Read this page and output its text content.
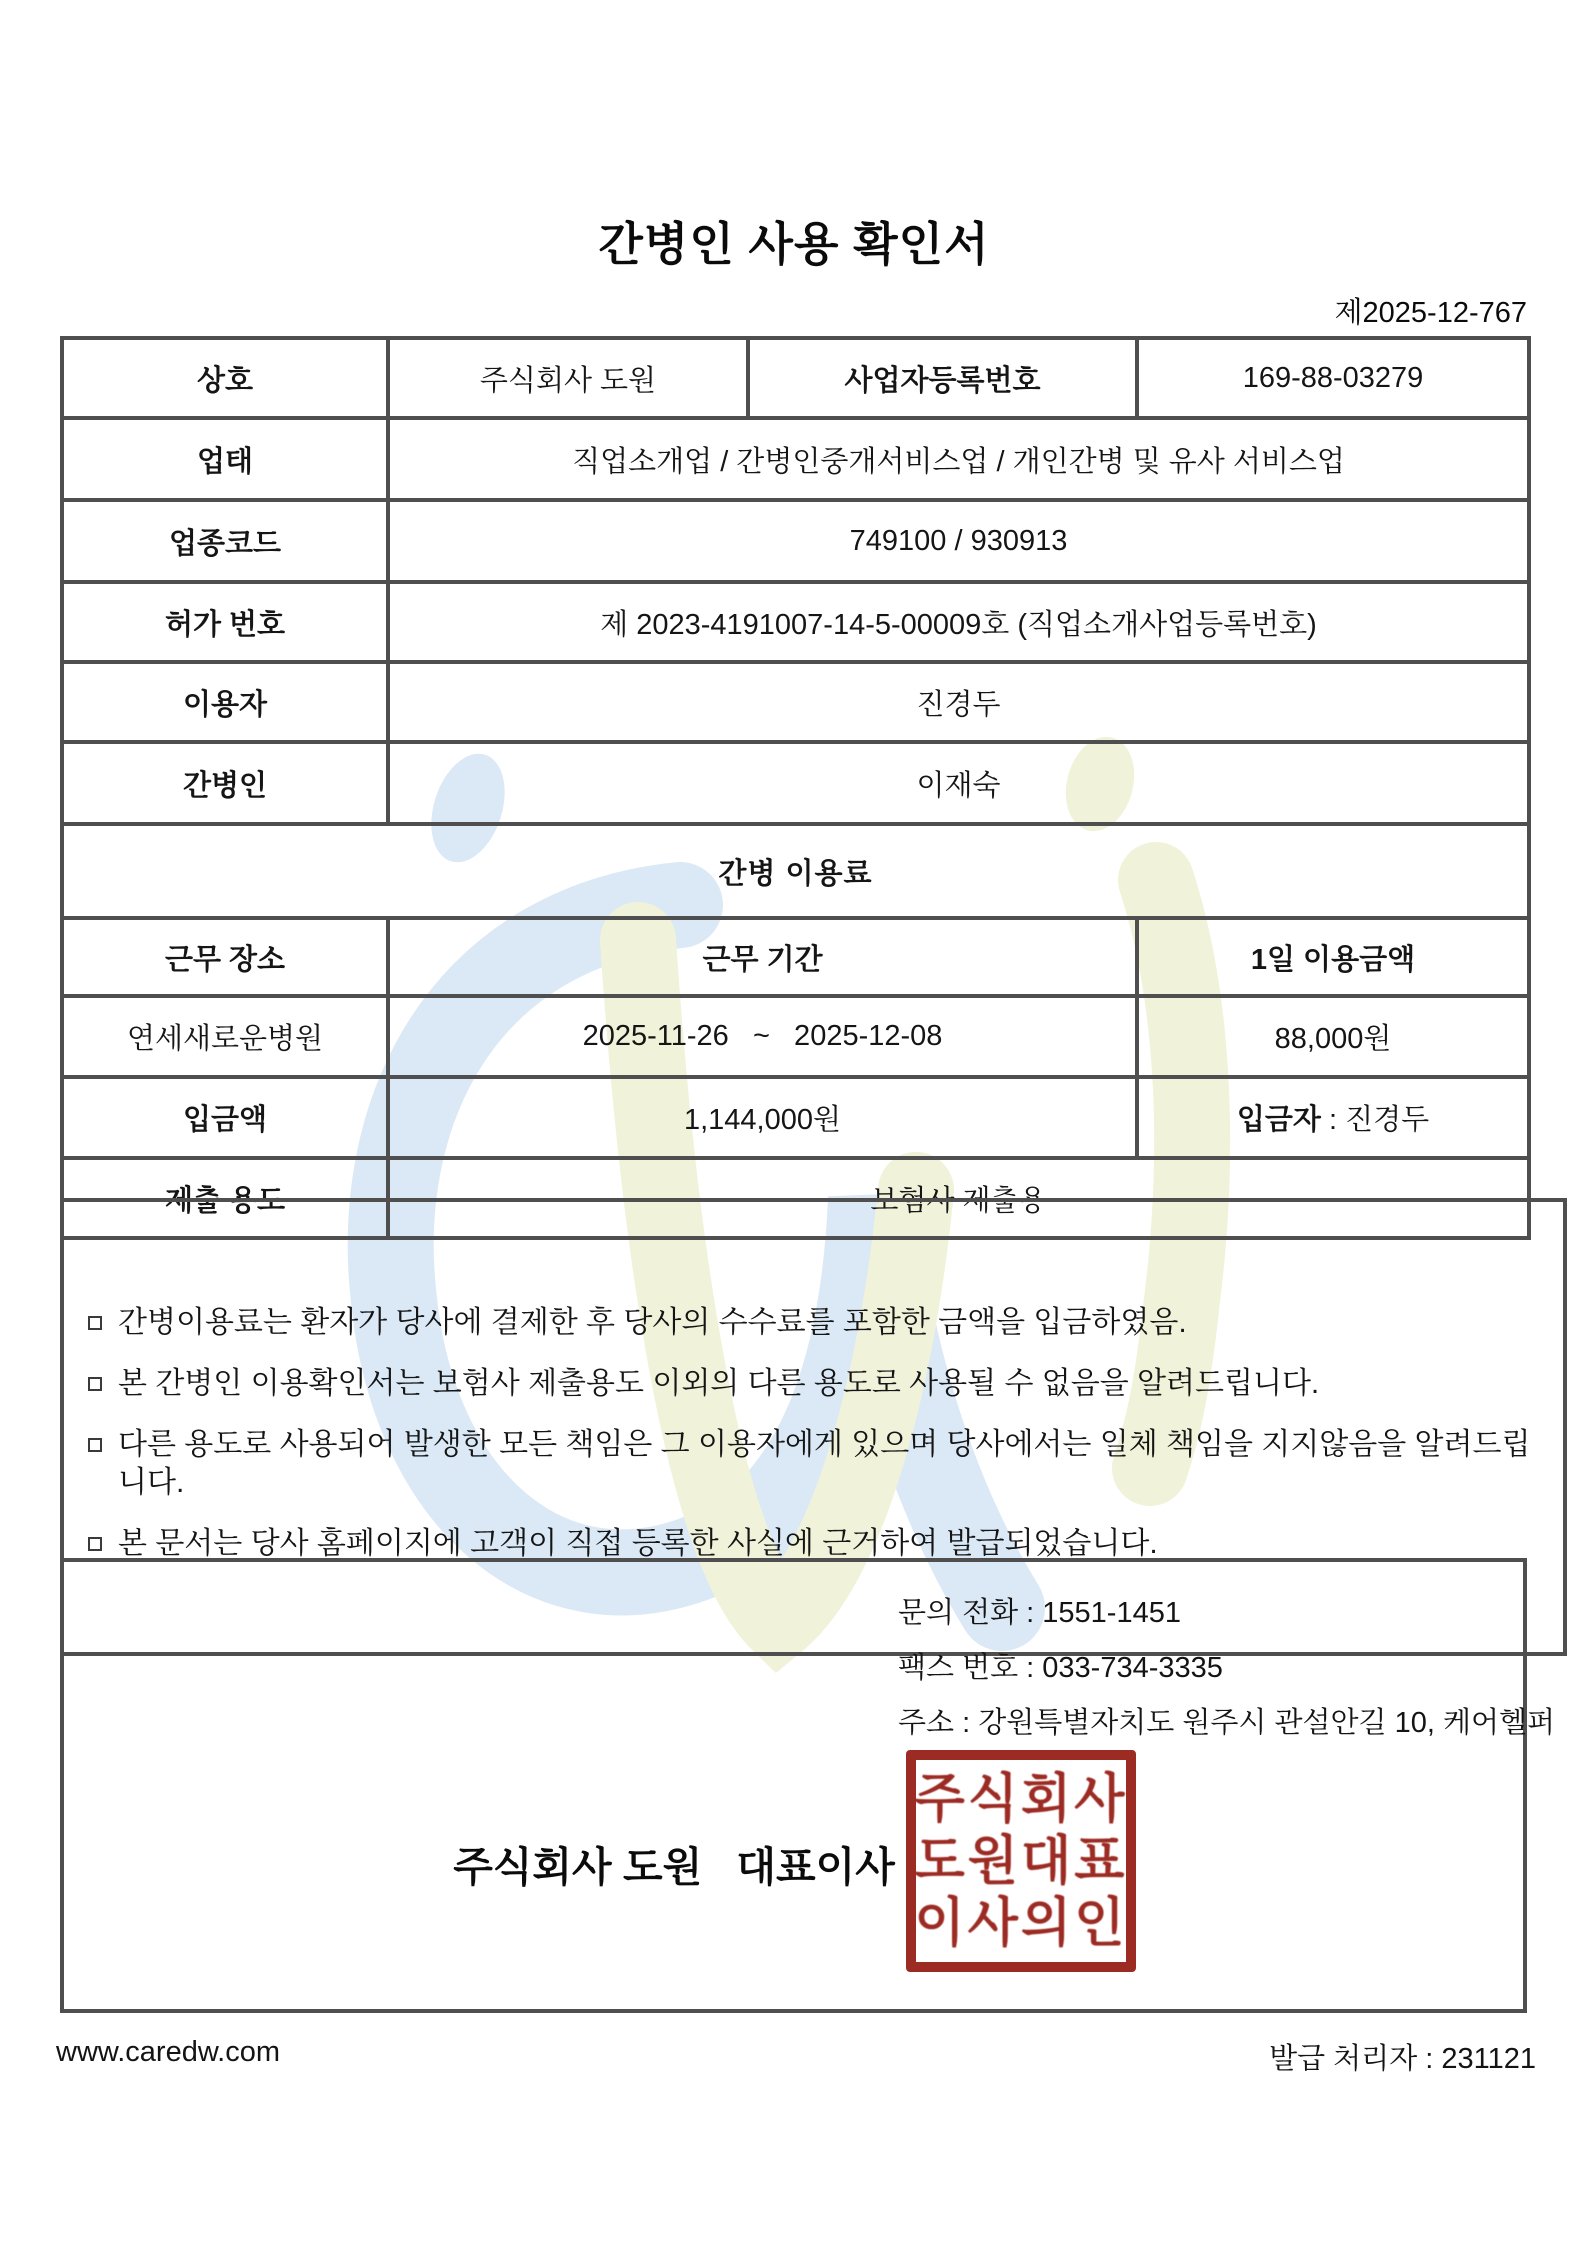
간병인 사용 확인서
제2025-12-767
상호	주식회사 도원	사업자등록번호	169-88-03279
업태	직업소개업 / 간병인중개서비스업 / 개인간병 및 유사 서비스업		
업종코드	749100 / 930913		
허가 번호	제 2023-4191007-14-5-00009호 (직업소개사업등록번호)		
이용자	진경두		
간병인	이재숙		
간병 이용료			
근무 장소	근무 기간		1일 이용금액
연세새로운병원	2025-11-26   ~   2025-12-08		88,000원
입금액	1,144,000원		입금자 : 진경두
제출 용도	보험사 제출용		
간병이용료는 환자가 당사에 결제한 후 당사의 수수료를 포함한 금액을 입금하였음.
본 간병인 이용확인서는 보험사 제출용도 이외의 다른 용도로 사용될 수 없음을 알려드립니다.
다른 용도로 사용되어 발생한 모든 책임은 그 이용자에게 있으며 당사에서는 일체 책임을 지지않음을 알려드립니다.
본 문서는 당사 홈페이지에 고객이 직접 등록한 사실에 근거하여 발급되었습니다.
문의 전화 : 1551-1451
팩스 번호 : 033-734-3335
주소 : 강원특별자치도 원주시 관설안길 10, 케어헬퍼
주식회사 도원   대표이사
주식회사
도원대표
이사의인
www.caredw.com	발급 처리자 : 231121
